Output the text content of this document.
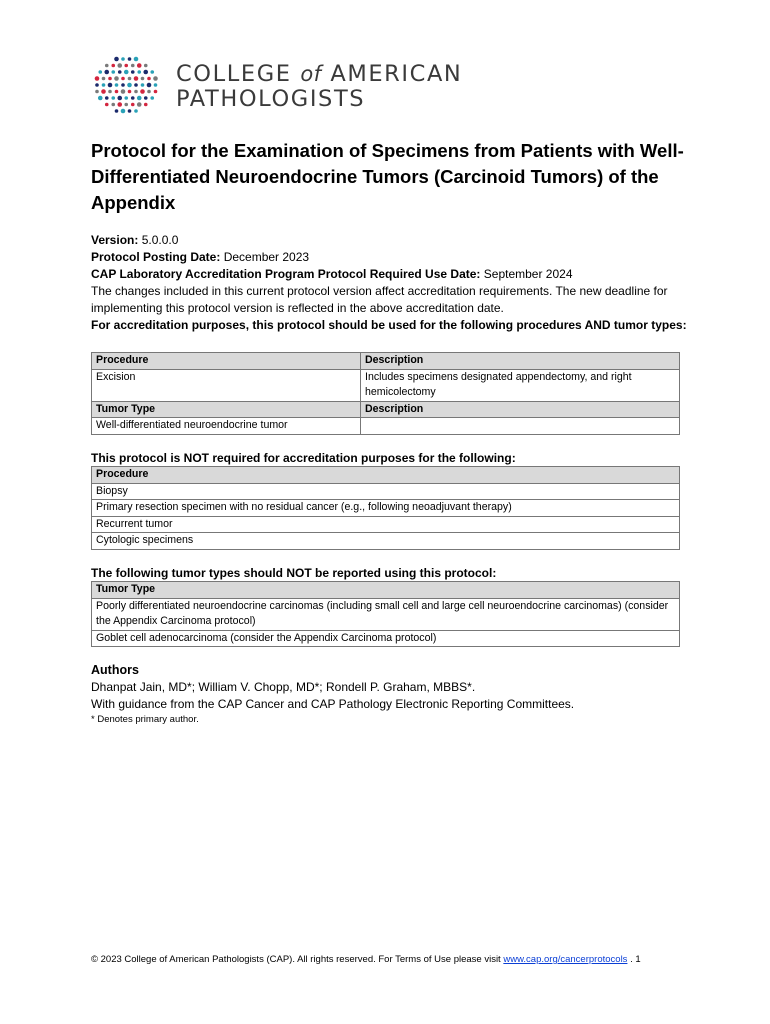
COLLEGE of AMERICAN
PATHOLOGISTS
Protocol for the Examination of Specimens from Patients with Well-Differentiated Neuroendocrine Tumors (Carcinoid Tumors) of the Appendix
Version: 5.0.0.0
Protocol Posting Date: December 2023
CAP Laboratory Accreditation Program Protocol Required Use Date: September 2024

The changes included in this current protocol version affect accreditation requirements. The new deadline for implementing this protocol version is reflected in the above accreditation date.

For accreditation purposes, this protocol should be used for the following procedures AND tumor types:

Procedure	Description
Excision	Includes specimens designated appendectomy, and right hemicolectomy
Tumor Type	Description
Well-differentiated neuroendocrine tumor	
This protocol is NOT required for accreditation purposes for the following:
Procedure
Biopsy
Primary resection specimen with no residual cancer (e.g., following neoadjuvant therapy)
Recurrent tumor
Cytologic specimens
The following tumor types should NOT be reported using this protocol:
Tumor Type
Poorly differentiated neuroendocrine carcinomas (including small cell and large cell neuroendocrine carcinomas) (consider the Appendix Carcinoma protocol)
Goblet cell adenocarcinoma (consider the Appendix Carcinoma protocol)
Authors

Dhanpat Jain, MD*; William V. Chopp, MD*; Rondell P. Graham, MBBS*.

With guidance from the CAP Cancer and CAP Pathology Electronic Reporting Committees.

* Denotes primary author.

© 2023 College of American Pathologists (CAP). All rights reserved. For Terms of Use please visit www.cap.org/cancerprotocols . 1
